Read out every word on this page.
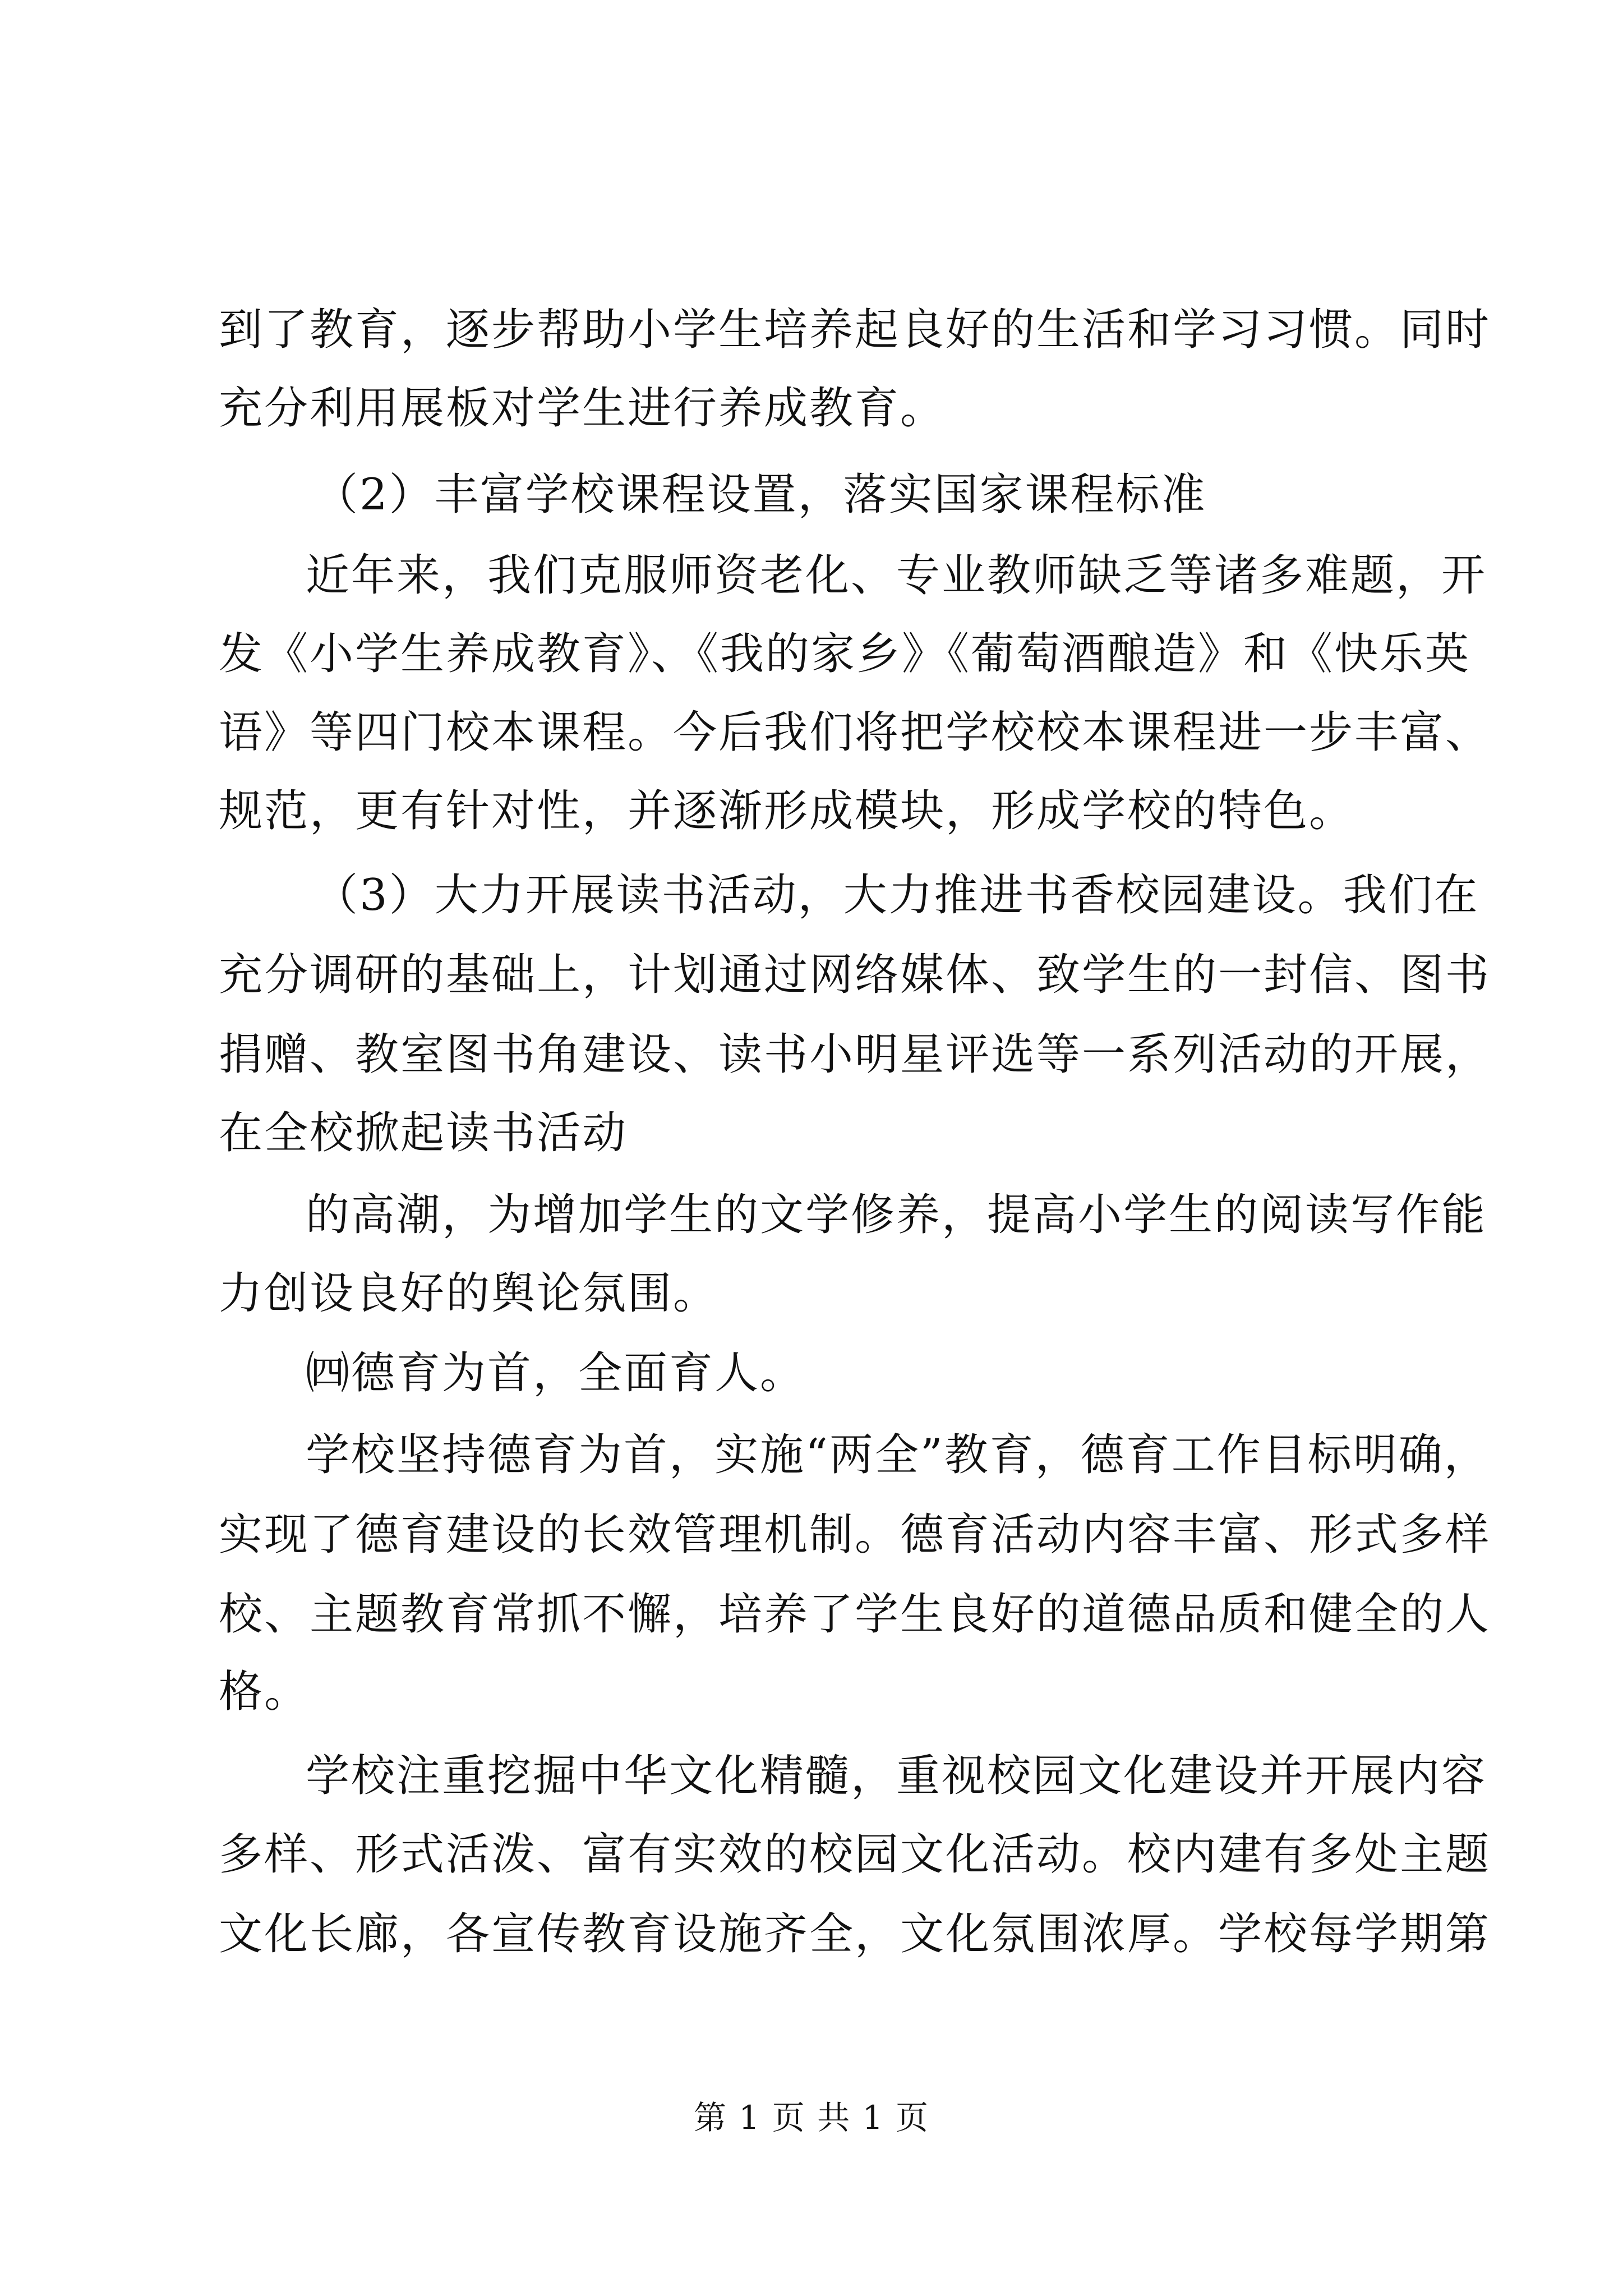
到了教育，逐步帮助小学生培养起良好的生活和学习习惯。同时
充分利用展板对学生进行养成教育。
（2）丰富学校课程设置，落实国家课程标准
近年来，我们克服师资老化、专业教师缺乏等诸多难题，开
发《小学生养成教育》、《我的家乡》《葡萄酒酿造》和《快乐英
语》等四门校本课程。今后我们将把学校校本课程进一步丰富、
规范，更有针对性，并逐渐形成模块，形成学校的特色。
（3）大力开展读书活动，大力推进书香校园建设。我们在
充分调研的基础上，计划通过网络媒体、致学生的一封信、图书
捐赠、教室图书角建设、读书小明星评选等一系列活动的开展，
在全校掀起读书活动
的高潮，为增加学生的文学修养，提高小学生的阅读写作能
力创设良好的舆论氛围。
㈣德育为首，全面育人。
学校坚持德育为首，实施“两全”教育，德育工作目标明确，
实现了德育建设的长效管理机制。德育活动内容丰富、形式多样
校、主题教育常抓不懈，培养了学生良好的道德品质和健全的人
格。
学校注重挖掘中华文化精髓，重视校园文化建设并开展内容
多样、形式活泼、富有实效的校园文化活动。校内建有多处主题
文化长廊，各宣传教育设施齐全，文化氛围浓厚。学校每学期第
第 1 页 共 1 页
